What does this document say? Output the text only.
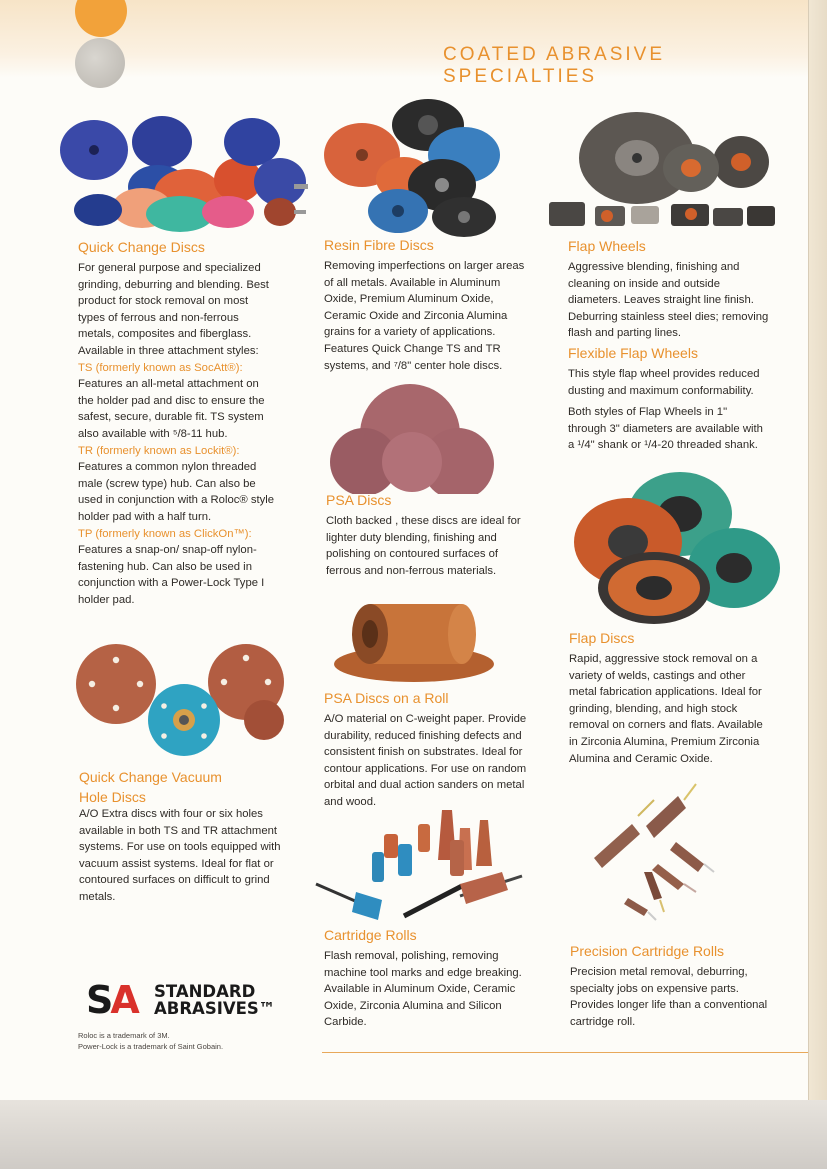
COATED ABRASIVE SPECIALTIES
Quick Change Discs

For general purpose and specialized

grinding, deburring and blending. Best

product for stock removal on most

types of ferrous and non-ferrous

metals, composites and fiberglass.

Available in three attachment styles:

TS (formerly known as SocAtt®):

Features an all-metal attachment on

the holder pad and disc to ensure the

safest, secure, durable fit. TS system

also available with ⁵/8-11 hub.

TR (formerly known as Lockit®):

Features a common nylon threaded

male (screw type) hub. Can also be

used in conjunction with a Roloc® style

holder pad with a half turn.

TP (formerly known as ClickOn™):

Features a snap-on/ snap-off nylon-

fastening hub. Can also be used in

conjunction with a Power-Lock Type I

holder pad.

Quick Change Vacuum
Hole Discs

A/O Extra discs with four or six holes

available in both TS and TR attachment

systems. For use on tools equipped with

vacuum assist systems. Ideal for flat or

contoured surfaces on difficult to grind

metals.

Resin Fibre Discs

Removing imperfections on larger areas

of all metals. Available in Aluminum

Oxide, Premium Aluminum Oxide,

Ceramic Oxide and Zirconia Alumina

grains for a variety of applications.

Features Quick Change TS and TR

systems, and ⁷/8" center hole discs.

PSA Discs

Cloth backed , these discs are ideal for

lighter duty blending, finishing and

polishing on contoured surfaces of

ferrous and non-ferrous materials.

PSA Discs on a Roll

A/O material on C-weight paper. Provide

durability, reduced finishing defects and

consistent finish on substrates. Ideal for

contour applications. For use on random

orbital and dual action sanders on metal

and wood.

Cartridge Rolls

Flash removal, polishing, removing

machine tool marks and edge breaking.

Available in Aluminum Oxide, Ceramic

Oxide, Zirconia Alumina and Silicon

Carbide.

Flap Wheels

Aggressive blending, finishing and

cleaning on inside and outside

diameters. Leaves straight line finish.

Deburring stainless steel dies; removing

flash and parting lines.

Flexible Flap Wheels

This style flap wheel provides reduced

dusting and maximum conformability.

Both styles of Flap Wheels in 1"

through 3" diameters are available with

a ¹/4" shank or ¹/4-20 threaded shank.

Flap Discs

Rapid, aggressive stock removal on a

variety of welds, castings and other

metal fabrication applications. Ideal for

grinding, blending, and high stock

removal on corners and flats. Available

in Zirconia Alumina, Premium Zirconia

Alumina and Ceramic Oxide.

Precision Cartridge Rolls

Precision metal removal, deburring,

specialty jobs on expensive parts.

Provides longer life than a conventional

cartridge roll.

SA STANDARD
ABRASIVES™
Roloc is a trademark of 3M.
Power-Lock is a trademark of Saint Gobain.
